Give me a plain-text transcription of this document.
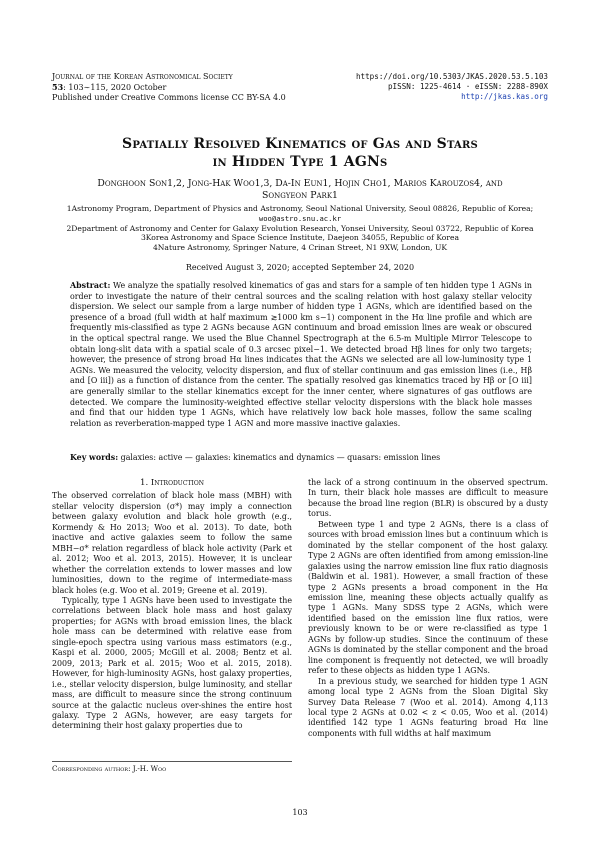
Journal of the Korean Astronomical Society
53: 103∼115, 2020 October
Published under Creative Commons license CC BY-SA 4.0
https://doi.org/10.5303/JKAS.2020.53.5.103
pISSN: 1225-4614 · eISSN: 2288-890X
http://jkas.kas.org
Spatially Resolved Kinematics of Gas and Stars
in Hidden Type 1 AGNs
Donghoon Son1,2, Jong-Hak Woo1,3, Da-In Eun1, Hojin Cho1, Marios Karouzos4, and
Songyeon Park1
1Astronomy Program, Department of Physics and Astronomy, Seoul National University, Seoul 08826, Republic of Korea;
woo@astro.snu.ac.kr
2Department of Astronomy and Center for Galaxy Evolution Research, Yonsei University, Seoul 03722, Republic of Korea
3Korea Astronomy and Space Science Institute, Daejeon 34055, Republic of Korea
4Nature Astronomy, Springer Nature, 4 Crinan Street, N1 9XW, London, UK
Received August 3, 2020; accepted September 24, 2020
Abstract: We analyze the spatially resolved kinematics of gas and stars for a sample of ten hidden type 1 AGNs in order to investigate the nature of their central sources and the scaling relation with host galaxy stellar velocity dispersion. We select our sample from a large number of hidden type 1 AGNs, which are identified based on the presence of a broad (full width at half maximum ≳1000 km s−1) component in the Hα line profile and which are frequently mis-classified as type 2 AGNs because AGN continuum and broad emission lines are weak or obscured in the optical spectral range. We used the Blue Channel Spectrograph at the 6.5-m Multiple Mirror Telescope to obtain long-slit data with a spatial scale of 0.3 arcsec pixel−1. We detected broad Hβ lines for only two targets; however, the presence of strong broad Hα lines indicates that the AGNs we selected are all low-luminosity type 1 AGNs. We measured the velocity, velocity dispersion, and flux of stellar continuum and gas emission lines (i.e., Hβ and [O iii]) as a function of distance from the center. The spatially resolved gas kinematics traced by Hβ or [O iii] are generally similar to the stellar kinematics except for the inner center, where signatures of gas outflows are detected. We compare the luminosity-weighted effective stellar velocity dispersions with the black hole masses and find that our hidden type 1 AGNs, which have relatively low back hole masses, follow the same scaling relation as reverberation-mapped type 1 AGN and more massive inactive galaxies.
Key words: galaxies: active — galaxies: kinematics and dynamics — quasars: emission lines

1. Introduction

The observed correlation of black hole mass (MBH) with stellar velocity dispersion (σ*) may imply a connection between galaxy evolution and black hole growth (e.g., Kormendy & Ho 2013; Woo et al. 2013). To date, both inactive and active galaxies seem to follow the same MBH−σ* relation regardless of black hole activity (Park et al. 2012; Woo et al. 2013, 2015). However, it is unclear whether the correlation extends to lower masses and low luminosities, down to the regime of intermediate-mass black holes (e.g. Woo et al. 2019; Greene et al. 2019).

Typically, type 1 AGNs have been used to investigate the correlations between black hole mass and host galaxy properties; for AGNs with broad emission lines, the black hole mass can be determined with relative ease from single-epoch spectra using various mass estimators (e.g., Kaspi et al. 2000, 2005; McGill et al. 2008; Bentz et al. 2009, 2013; Park et al. 2015; Woo et al. 2015, 2018). However, for high-luminosity AGNs, host galaxy properties, i.e., stellar velocity dispersion, bulge luminosity, and stellar mass, are difficult to measure since the strong continuum source at the galactic nucleus over-shines the entire host galaxy. Type 2 AGNs, however, are easy targets for determining their host galaxy properties due to

the lack of a strong continuum in the observed spectrum. In turn, their black hole masses are difficult to measure because the broad line region (BLR) is obscured by a dusty torus.

Between type 1 and type 2 AGNs, there is a class of sources with broad emission lines but a continuum which is dominated by the stellar component of the host galaxy. Type 2 AGNs are often identified from among emission-line galaxies using the narrow emission line flux ratio diagnosis (Baldwin et al. 1981). However, a small fraction of these type 2 AGNs presents a broad component in the Hα emission line, meaning these objects actually qualify as type 1 AGNs. Many SDSS type 2 AGNs, which were identified based on the emission line flux ratios, were previously known to be or were re-classified as type 1 AGNs by follow-up studies. Since the continuum of these AGNs is dominated by the stellar component and the broad line component is frequently not detected, we will broadly refer to these objects as hidden type 1 AGNs.

In a previous study, we searched for hidden type 1 AGN among local type 2 AGNs from the Sloan Digital Sky Survey Data Release 7 (Woo et al. 2014). Among 4,113 local type 2 AGNs at 0.02 < z < 0.05, Woo et al. (2014) identified 142 type 1 AGNs featuring broad Hα line components with full widths at half maximum

Corresponding author: J.-H. Woo
103
